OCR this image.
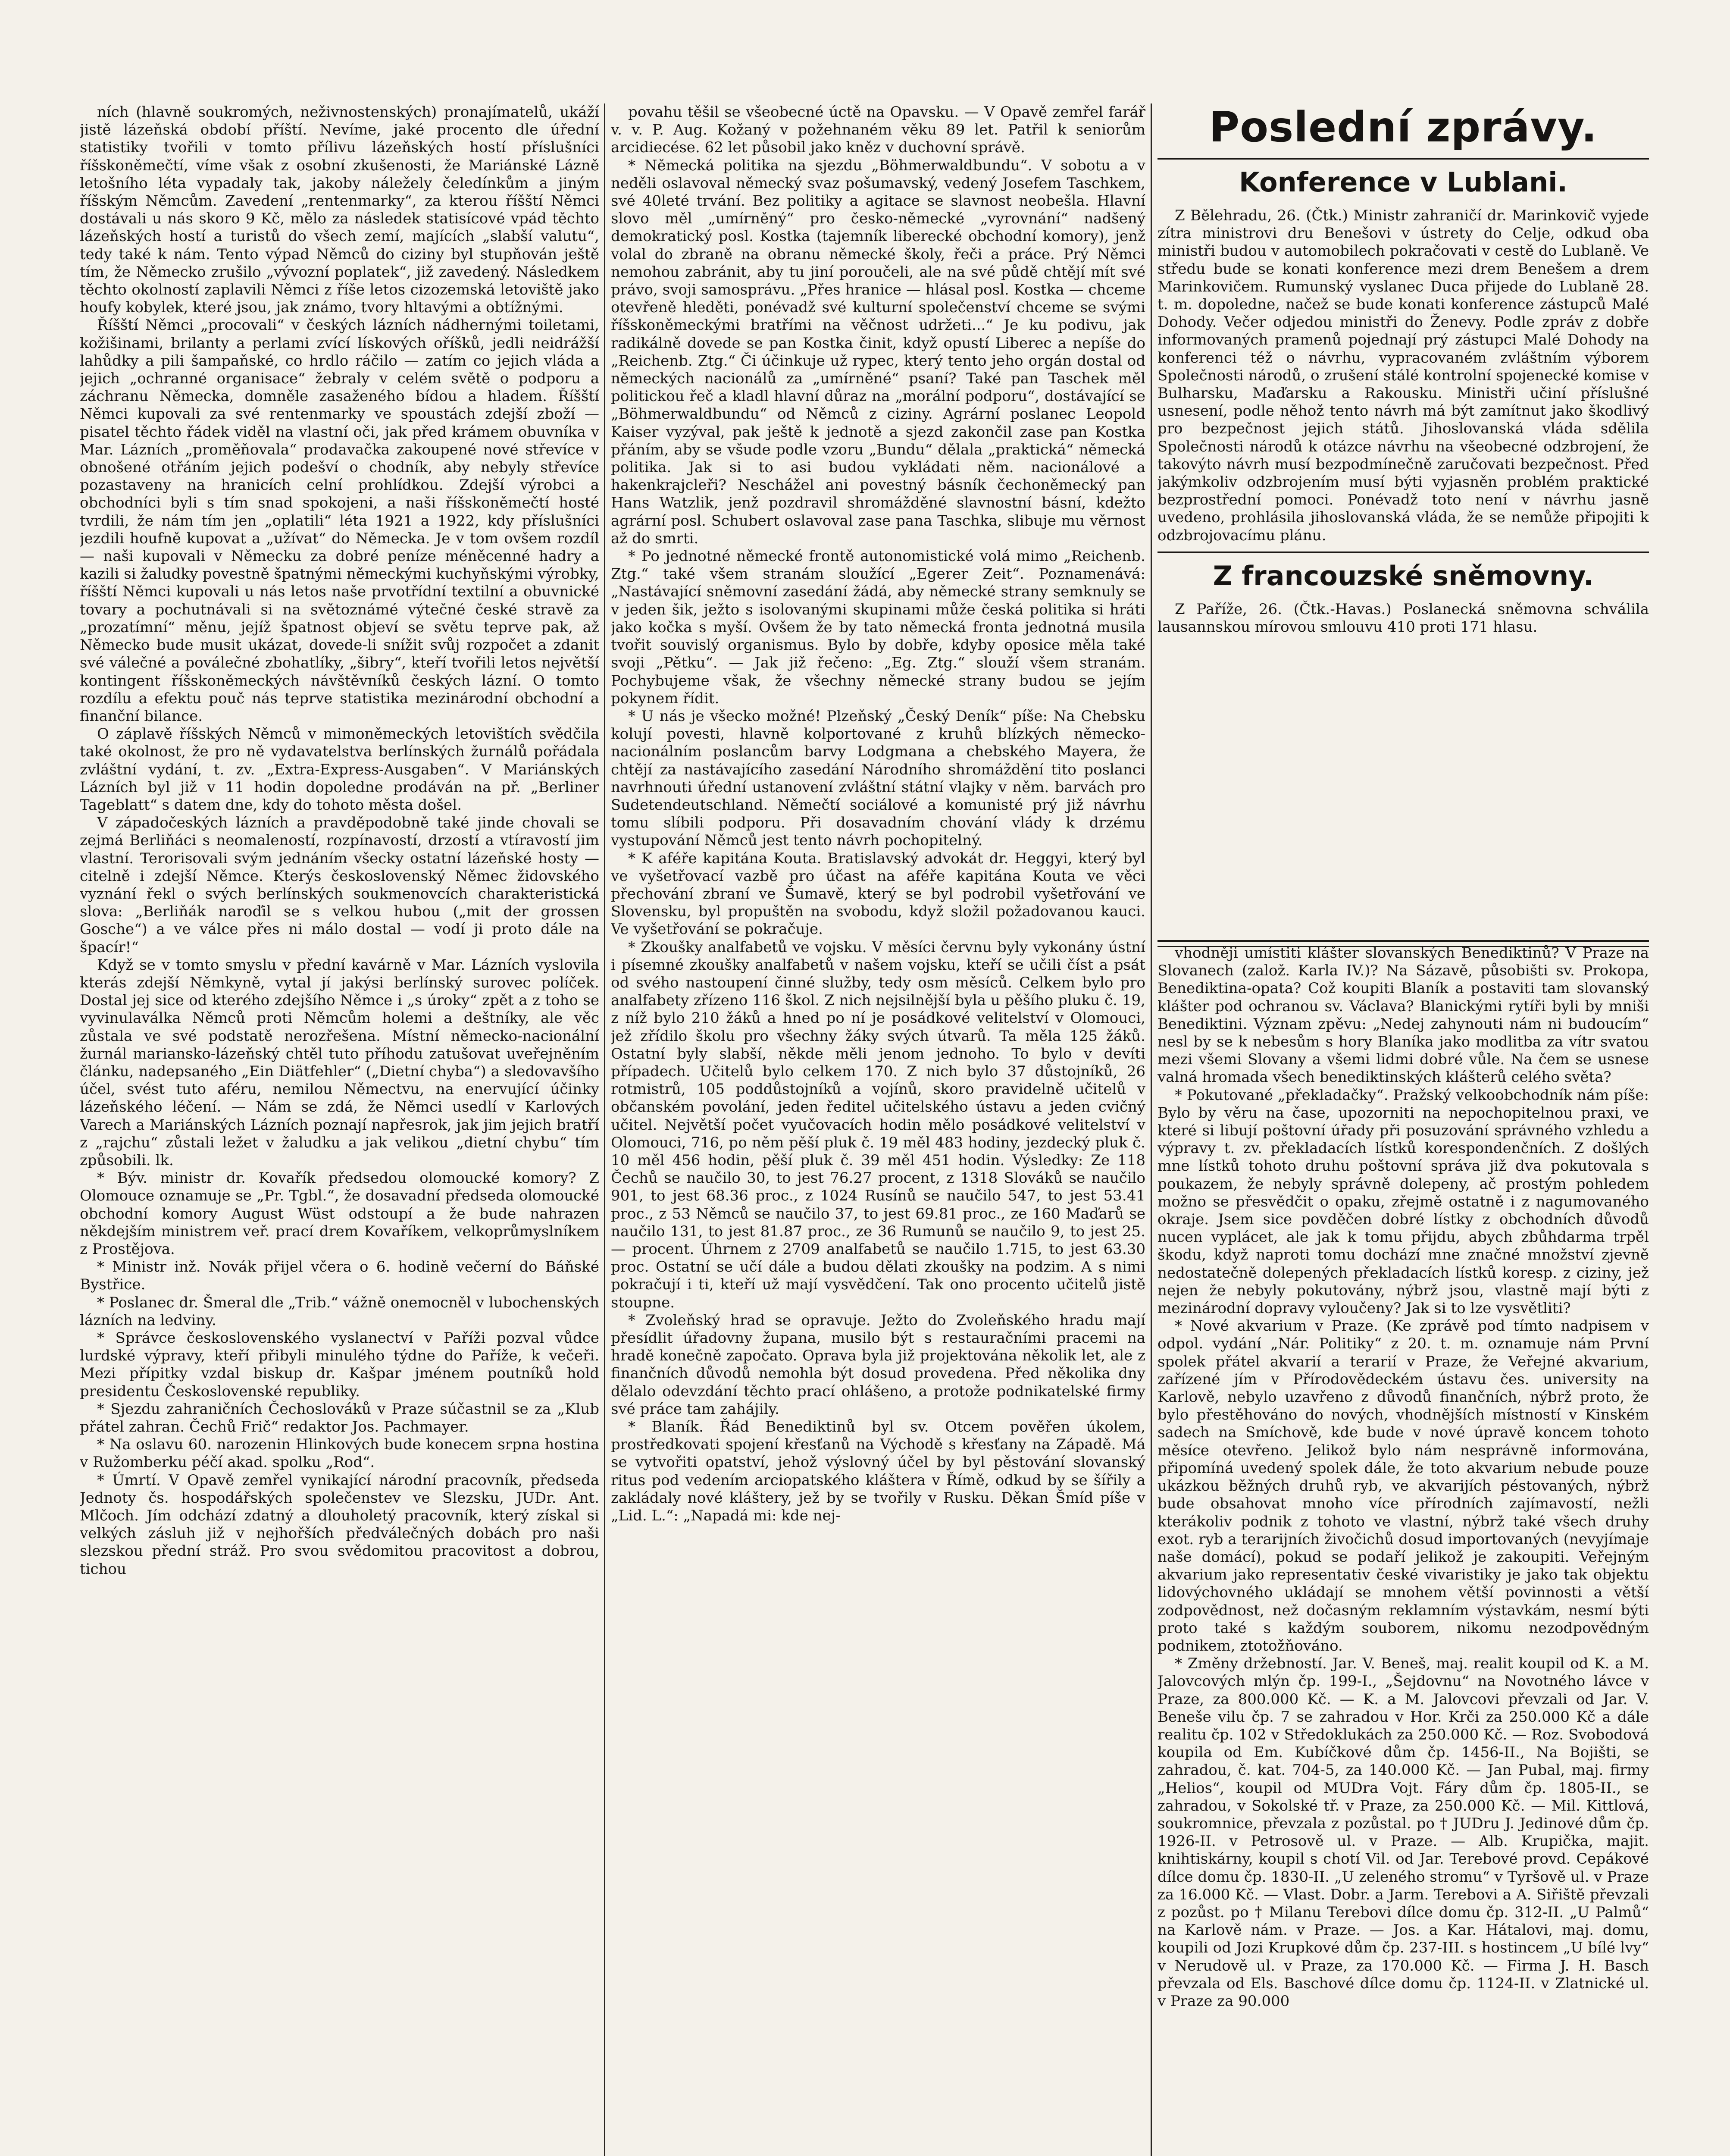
ních (hlavně soukromých, neživnostenských) pronajímatelů, ukáží jistě lázeňská období příští. Nevíme, jaké procento dle úřední statistiky tvořili v tomto přílivu lázeňských hostí příslušníci říšskoněmečtí, víme však z osobní zkušenosti, že Mariánské Lázně letošního léta vypadaly tak, jakoby náležely čeledínkům a jiným říšským Němcům. Zavedení „rentenmarky“, za kterou říšští Němci dostávali u nás skoro 9 Kč, mělo za následek statisícové vpád těchto lázeňských hostí a turistů do všech zemí, majících „slabší valutu“, tedy také k nám. Tento výpad Němců do ciziny byl stupňován ještě tím, že Německo zrušilo „vývozní poplatek“, již zavedený. Následkem těchto okolností zaplavili Němci z říše letos cizozemská letoviště jako houfy kobylek, které jsou, jak známo, tvory hltavými a obtížnými.

Říšští Němci „procovali“ v českých lázních nádhernými toiletami, kožišinami, brilanty a perlami zvící lískových oříšků, jedli neidrážší lahůdky a pili šampaňské, co hrdlo ráčilo — zatím co jejich vláda a jejich „ochranné organisace“ žebraly v celém světě o podporu a záchranu Německa, domněle zasaženého bídou a hladem. Říšští Němci kupovali za své rentenmarky ve spoustách zdejší zboží — pisatel těchto řádek viděl na vlastní oči, jak před krámem obuvníka v Mar. Lázních „proměňovala“ prodavačka zakoupené nové střevíce v obnošené otřáním jejich podešví o chodník, aby nebyly střevíce pozastaveny na hranicích celní prohlídkou. Zdejší výrobci a obchodníci byli s tím snad spokojeni, a naši říšskoněmečtí hosté tvrdili, že nám tím jen „oplatili“ léta 1921 a 1922, kdy příslušníci jezdili houfně kupovat a „užívat“ do Německa. Je v tom ovšem rozdíl — naši kupovali v Německu za dobré peníze méněcenné hadry a kazili si žaludky povestně špatnými německými kuchyňskými výrobky, říšští Němci kupovali u nás letos naše prvotřídní textilní a obuvnické tovary a pochutnávali si na světoznámé výtečné české stravě za „prozatímní“ měnu, jejíž špatnost objeví se světu teprve pak, až Německo bude musit ukázat, dovede-li snížit svůj rozpočet a zdanit své válečné a poválečné zbohatlíky, „šibry“, kteří tvořili letos největší kontingent říšskoněmeckých návštěvníků českých lázní. O tomto rozdílu a efektu pouč nás teprve statistika mezinárodní obchodní a finanční bilance.

O záplavě říšských Němců v mimoněmeckých letovištích svědčila také okolnost, že pro ně vydavatelstva berlínských žurnálů pořádala zvláštní vydání, t. zv. „Extra-Express-Ausgaben“. V Mariánských Lázních byl již v 11 hodin dopoledne prodáván na př. „Berliner Tageblatt“ s datem dne, kdy do tohoto města došel.

V západočeských lázních a pravděpodobně také jinde chovali se zejmá Berliňáci s neomaleností, rozpínavostí, drzostí a vtíravostí jim vlastní. Terorisovali svým jednáním všecky ostatní lázeňské hosty — citelně i zdejší Němce. Kterýs československý Němec židovského vyznání řekl o svých berlínských soukmenovcích charakteristická slova: „Berliňák naroďil se s velkou hubou („mit der grossen Gosche“) a ve válce přes ni málo dostal — vodí ji proto dále na špacír!“

Když se v tomto smyslu v přední kavárně v Mar. Lázních vyslovila kterás zdejší Němkyně, vytal jí jakýsi berlínský surovec políček. Dostal jej sice od kterého zdejšího Němce i „s úroky“ zpět a z toho se vyvinulaválka Němců proti Němcům holemi a deštníky, ale věc zůstala ve své podstatě nerozřešena. Místní německo-nacionální žurnál mariansko-lázeňský chtěl tuto příhodu zatušovat uveřejněním článku, nadepsaného „Ein Diätfehler“ („Dietní chyba“) a sledovavšího účel, svést tuto aféru, nemilou Němectvu, na enervující účinky lázeňského léčení. — Nám se zdá, že Němci usedlí v Karlových Varech a Mariánských Lázních poznají napřesrok, jak jim jejich bratří z „rajchu“ zůstali ležet v žaludku a jak velikou „dietní chybu“ tím způsobili. lk.

* Býv. ministr dr. Kovařík předsedou olomoucké komory? Z Olomouce oznamuje se „Pr. Tgbl.“, že dosavadní předseda olomoucké obchodní komory August Wüst odstoupí a že bude nahrazen někdejším ministrem veř. prací drem Kovaříkem, velkoprůmyslníkem z Prostějova.

* Ministr inž. Novák přijel včera o 6. hodině večerní do Báňské Bystřice.

* Poslanec dr. Šmeral dle „Trib.“ vážně onemocněl v lubochenských lázních na ledviny.

* Správce československého vyslanectví v Paříži pozval vůdce lurdské výpravy, kteří přibyli minulého týdne do Paříže, k večeři. Mezi přípitky vzdal biskup dr. Kašpar jménem poutníků hold presidentu Československé republiky.

* Sjezdu zahraničních Čechoslováků v Praze súčastnil se za „Klub přátel zahran. Čechů Frič“ redaktor Jos. Pachmayer.

* Na oslavu 60. narozenin Hlinkových bude konecem srpna hostina v Ružomberku péčí akad. spolku „Rod“.

* Úmrtí. V Opavě zemřel vynikající národní pracovník, předseda Jednoty čs. hospodářských společenstev ve Slezsku, JUDr. Ant. Mlčoch. Jím odchází zdatný a dlouholetý pracovník, který získal si velkých zásluh již v nejhořších předválečných dobách pro naši slezskou přední stráž. Pro svou svědomitou pracovitost a dobrou, tichou

povahu těšil se všeobecné úctě na Opavsku. — V Opavě zemřel farář v. v. P. Aug. Kožaný v požehnaném věku 89 let. Patřil k seniorům arcidiecése. 62 let působil jako kněz v duchovní správě.

* Německá politika na sjezdu „Böhmerwaldbundu“. V sobotu a v neděli oslavoval německý svaz pošumavský, vedený Josefem Taschkem, své 40leté trvání. Bez politiky a agitace se slavnost neobešla. Hlavní slovo měl „umírněný“ pro česko-německé „vyrovnání“ nadšený demokratický posl. Kostka (tajemník liberecké obchodní komory), jenž volal do zbraně na obranu německé školy, řeči a práce. Prý Němci nemohou zabránit, aby tu jiní poroučeli, ale na své půdě chtějí mít své právo, svoji samosprávu. „Přes hranice — hlásal posl. Kostka — chceme otevřeně hleděti, ponévadž své kulturní společenství chceme se svými říšskoněmeckými bratřími na věčnost udržeti...“ Je ku podivu, jak radikálně dovede se pan Kostka činit, když opustí Liberec a nepíše do „Reichenb. Ztg.“ Či účinkuje už rypec, který tento jeho orgán dostal od německých nacionálů za „umírněné“ psaní? Také pan Taschek měl politickou řeč a kladl hlavní důraz na „morální podporu“, dostávající se „Böhmerwaldbundu“ od Němců z ciziny. Agrární poslanec Leopold Kaiser vyzýval, pak ještě k jednotě a sjezd zakončil zase pan Kostka přáním, aby se všude podle vzoru „Bundu“ dělala „praktická“ německá politika. Jak si to asi budou vykládati něm. nacionálové a hakenkrajcleři? Neschážel ani povestný básník čechoněmecký pan Hans Watzlik, jenž pozdravil shromážděné slavnostní básní, kdežto agrární posl. Schubert oslavoval zase pana Taschka, slibuje mu věrnost až do smrti.

* Po jednotné německé frontě autonomistické volá mimo „Reichenb. Ztg.“ také všem stranám sloužící „Egerer Zeit“. Poznamenává: „Nastávající sněmovní zasedání žádá, aby německé strany semknuly se v jeden šik, ježto s isolovanými skupinami může česká politika si hráti jako kočka s myší. Ovšem že by tato německá fronta jednotná musila tvořit souvislý organismus. Bylo by dobře, kdyby oposice měla také svoji „Pětku“. — Jak již řečeno: „Eg. Ztg.“ slouží všem stranám. Pochybujeme však, že všechny německé strany budou se jejím pokynem řídit.

* U nás je všecko možné! Plzeňský „Český Deník“ píše: Na Chebsku kolují povesti, hlavně kolportované z kruhů blízkých německo-nacionálním poslancům barvy Lodgmana a chebského Mayera, že chtějí za nastávajícího zasedání Národního shromáždění tito poslanci navrhnouti úřední ustanovení zvláštní státní vlajky v něm. barvách pro Sudetendeutschland. Němečtí sociálové a komunisté prý již návrhu tomu slíbili podporu. Při dosavadním chování vlády k drzému vystupování Němců jest tento návrh pochopitelný.

* K aféře kapitána Kouta. Bratislavský advokát dr. Heggyi, který byl ve vyšetřovací vazbě pro účast na aféře kapitána Kouta ve věci přechování zbraní ve Šumavě, který se byl podrobil vyšetřování ve Slovensku, byl propuštěn na svobodu, když složil požadovanou kauci. Ve vyšetřování se pokračuje.

* Zkoušky analfabetů ve vojsku. V měsíci červnu byly vykonány ústní i písemné zkoušky analfabetů v našem vojsku, kteří se učili číst a psát od svého nastoupení činné služby, tedy osm měsíců. Celkem bylo pro analfabety zřízeno 116 škol. Z nich nejsilnější byla u pěšího pluku č. 19, z níž bylo 210 žáků a hned po ní je posádkové velitelství v Olomouci, jež zřídilo školu pro všechny žáky svých útvarů. Ta měla 125 žáků. Ostatní byly slabší, někde měli jenom jednoho. To bylo v devíti případech. Učitelů bylo celkem 170. Z nich bylo 37 důstojníků, 26 rotmistrů, 105 poddůstojníků a vojínů, skoro pravidelně učitelů v občanském povolání, jeden ředitel učitelského ústavu a jeden cvičný učitel. Největší počet vyučovacích hodin mělo posádkové velitelství v Olomouci, 716, po něm pěší pluk č. 19 měl 483 hodiny, jezdecký pluk č. 10 měl 456 hodin, pěší pluk č. 39 měl 451 hodin. Výsledky: Ze 118 Čechů se naučilo 30, to jest 76.27 procent, z 1318 Slováků se naučilo 901, to jest 68.36 proc., z 1024 Rusínů se naučilo 547, to jest 53.41 proc., z 53 Němců se naučilo 37, to jest 69.81 proc., ze 160 Maďarů se naučilo 131, to jest 81.87 proc., ze 36 Rumunů se naučilo 9, to jest 25.— procent. Úhrnem z 2709 analfabetů se naučilo 1.715, to jest 63.30 proc. Ostatní se učí dále a budou dělati zkoušky na podzim. A s nimi pokračují i ti, kteří už mají vysvědčení. Tak ono procento učitelů jistě stoupne.

* Zvoleňský hrad se opravuje. Ježto do Zvoleňského hradu mají přesídlit úřadovny župana, musilo být s restauračními pracemi na hradě konečně započato. Oprava byla již projektována několik let, ale z finančních důvodů nemohla být dosud provedena. Před několika dny dělalo odevzdání těchto prací ohlášeno, a protože podnikatelské firmy své práce tam zahájily.

* Blaník. Řád Benediktinů byl sv. Otcem pověřen úkolem, prostředkovati spojení křesťanů na Východě s křesťany na Západě. Má se vytvořiti opatství, jehož výslovný účel by byl pěstování slovanský ritus pod vedením arciopatského kláštera v Římě, odkud by se šířily a zakládaly nové kláštery, jež by se tvořily v Rusku. Děkan Šmíd píše v „Lid. L.“: „Napadá mi: kde nej-

Poslední zprávy.
Konference v Lublani.

Z Bělehradu, 26. (Čtk.) Ministr zahraničí dr. Marinkovič vyjede zítra ministrovi dru Benešovi v ústrety do Celje, odkud oba ministři budou v automobilech pokračovati v cestě do Lublaně. Ve středu bude se konati konference mezi drem Benešem a drem Marinkovičem. Rumunský vyslanec Duca přijede do Lublaně 28. t. m. dopoledne, načež se bude konati konference zástupců Malé Dohody. Večer odjedou ministři do Ženevy. Podle zpráv z dobře informovaných pramenů pojednají prý zástupci Malé Dohody na konferenci též o návrhu, vypracovaném zvláštním výborem Společnosti národů, o zrušení stálé kontrolní spojenecké komise v Bulharsku, Maďarsku a Rakousku. Ministři učiní příslušné usnesení, podle něhož tento návrh má být zamítnut jako škodlivý pro bezpečnost jejich států. Jihoslovanská vláda sdělila Společnosti národů k otázce návrhu na všeobecné odzbrojení, že takovýto návrh musí bezpodmínečně zaručovati bezpečnost. Před jakýmkoliv odzbrojením musí býti vyjasněn problém praktické bezprostřední pomoci. Ponévadž toto není v návrhu jasně uvedeno, prohlásila jihoslovanská vláda, že se nemůže připojiti k odzbrojovacímu plánu.

Z francouzské sněmovny.

Z Paříže, 26. (Čtk.-Havas.) Poslanecká sněmovna schválila lausannskou mírovou smlouvu 410 proti 171 hlasu.

vhodněji umístiti klášter slovanských Benediktinů? V Praze na Slovanech (založ. Karla IV.)? Na Sázavě, působišti sv. Prokopa, Benediktina-opata? Což koupiti Blaník a postaviti tam slovanský klášter pod ochranou sv. Václava? Blanickými rytíři byli by mniši Benediktini. Význam zpěvu: „Nedej zahynouti nám ni budoucím“ nesl by se k nebesům s hory Blaníka jako modlitba za vítr svatou mezi všemi Slovany a všemi lidmi dobré vůle. Na čem se usnese valná hromada všech benediktinských klášterů celého světa?

* Pokutované „překladačky“. Pražský velkoobchodník nám píše: Bylo by věru na čase, upozorniti na nepochopitelnou praxi, ve které si libují poštovní úřady při posuzování správného vzhledu a výpravy t. zv. překladacích lístků korespondenčních. Z došlých mne lístků tohoto druhu poštovní správa již dva pokutovala s poukazem, že nebyly správně dolepeny, ač prostým pohledem možno se přesvědčit o opaku, zřejmě ostatně i z nagumovaného okraje. Jsem sice povděčen dobré lístky z obchodních důvodů nucen vyplácet, ale jak k tomu přijdu, abych zbůhdarma trpěl škodu, když naproti tomu dochází mne značné množství zjevně nedostatečně dolepených překladacích lístků koresp. z ciziny, jež nejen že nebyly pokutovány, nýbrž jsou, vlastně mají býti z mezinárodní dopravy vyloučeny? Jak si to lze vysvětliti?

* Nové akvarium v Praze. (Ke zprávě pod tímto nadpisem v odpol. vydání „Nár. Politiky“ z 20. t. m. oznamuje nám První spolek přátel akvarií a terarií v Praze, že Veřejné akvarium, zařízené jím v Přírodovědeckém ústavu čes. university na Karlově, nebylo uzavřeno z důvodů finančních, nýbrž proto, že bylo přestěhováno do nových, vhodnějších místností v Kinském sadech na Smíchově, kde bude v nové úpravě koncem tohoto měsíce otevřeno. Jelikož bylo nám nesprávně informována, připomíná uvedený spolek dále, že toto akvarium nebude pouze ukázkou běžných druhů ryb, ve akvarijích péstovaných, nýbrž bude obsahovat mnoho více přírodních zajímavostí, nežli kterákoliv podnik z tohoto ve vlastní, nýbrž také všech druhy exot. ryb a terarijních živočichů dosud importovaných (nevyjímaje naše domácí), pokud se podaří jelikož je zakoupiti. Veřejným akvarium jako representativ české vivaristiky je jako tak objektu lidovýchovného ukládají se mnohem větší povinnosti a větší zodpovědnost, než dočasným reklamním výstavkám, nesmí býti proto také s každým souborem, nikomu nezodpovědným podnikem, ztotožňováno.

* Změny držebností. Jar. V. Beneš, maj. realit koupil od K. a M. Jalovcových mlýn čp. 199-I., „Šejdovnu“ na Novotného lávce v Praze, za 800.000 Kč. — K. a M. Jalovcovi převzali od Jar. V. Beneše vilu čp. 7 se zahradou v Hor. Krči za 250.000 Kč a dále realitu čp. 102 v Středoklukách za 250.000 Kč. — Roz. Svobodová koupila od Em. Kubíčkové dům čp. 1456-II., Na Bojišti, se zahradou, č. kat. 704-5, za 140.000 Kč. — Jan Pubal, maj. firmy „Helios“, koupil od MUDra Vojt. Fáry dům čp. 1805-II., se zahradou, v Sokolské tř. v Praze, za 250.000 Kč. — Mil. Kittlová, soukromnice, převzala z pozůstal. po † JUDru J. Jedinové dům čp. 1926-II. v Petrosově ul. v Praze. — Alb. Krupička, majit. knihtiskárny, koupil s chotí Vil. od Jar. Terebové provd. Cepákové dílce domu čp. 1830-II. „U zeleného stromu“ v Tyršově ul. v Praze za 16.000 Kč. — Vlast. Dobr. a Jarm. Terebovi a A. Siřiště převzali z pozůst. po † Milanu Terebovi dílce domu čp. 312-II. „U Palmů“ na Karlově nám. v Praze. — Jos. a Kar. Hátalovi, maj. domu, koupili od Jozi Krupkové dům čp. 237-III. s hostincem „U bílé lvy“ v Nerudově ul. v Praze, za 170.000 Kč. — Firma J. H. Basch převzala od Els. Baschové dílce domu čp. 1124-II. v Zlatnické ul. v Praze za 90.000
